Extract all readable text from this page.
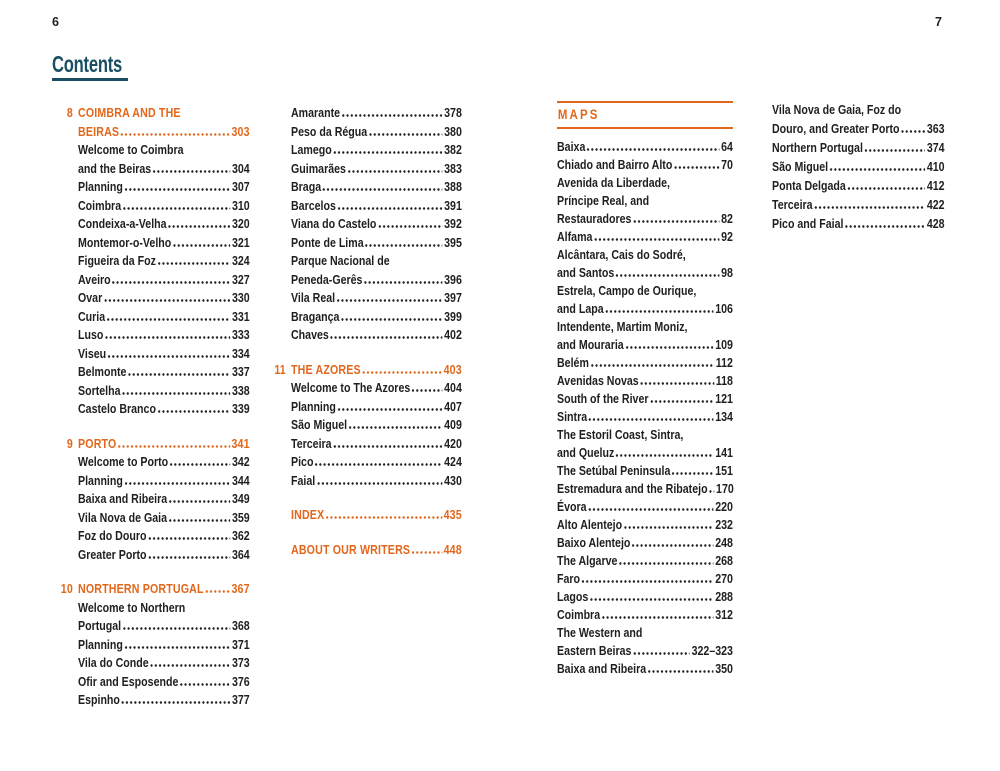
6	7
Contents
8 COIMBRA AND THE
BEIRAS	303
Welcome to Coimbra
and the Beiras	304
Planning	307
Coimbra	310
Condeixa-a-Velha	320
Montemor-o-Velho	321
Figueira da Foz	324
Aveiro	327
Ovar	330
Curia	331
Luso	333
Viseu	334
Belmonte	337
Sortelha	338
Castelo Branco	339
9 PORTO	341
Welcome to Porto	342
Planning	344
Baixa and Ribeira	349
Vila Nova de Gaia	359
Foz do Douro	362
Greater Porto	364
10 NORTHERN PORTUGAL 367
Welcome to Northern
Portugal	368
Planning	371
Vila do Conde	373
Ofir and Esposende	376
Espinho	377
Amarante	378
Peso da Régua	380
Lamego	382
Guimarães	383
Braga	388
Barcelos	391
Viana do Castelo	392
Ponte de Lima	395
Parque Nacional de
Peneda-Gerês	396
Vila Real	397
Bragança	399
Chaves	402
11 THE AZORES	403
Welcome to The Azores	404
Planning	407
São Miguel	409
Terceira	420
Pico	424
Faial	430
INDEX	435
ABOUT OUR WRITERS	448
MAPS
Baixa	64
Chiado and Bairro Alto	70
Avenida da Liberdade,
Príncipe Real, and
Restauradores	82
Alfama	92
Alcântara, Cais do Sodré,
and Santos	98
Estrela, Campo de Ourique,
and Lapa	106
Intendente, Martim Moniz,
and Mouraria	109
Belém	112
Avenidas Novas	118
South of the River	121
Sintra	134
The Estoril Coast, Sintra,
and Queluz	141
The Setúbal Peninsula	151
Estremadura and the Ribatejo 170
Évora	220
Alto Alentejo	232
Baixo Alentejo	248
The Algarve	268
Faro	270
Lagos	288
Coimbra	312
The Western and
Eastern Beiras	322–323
Baixa and Ribeira	350
Vila Nova de Gaia, Foz do
Douro, and Greater Porto 363
Northern Portugal	374
São Miguel	410
Ponta Delgada	412
Terceira	422
Pico and Faial	428
